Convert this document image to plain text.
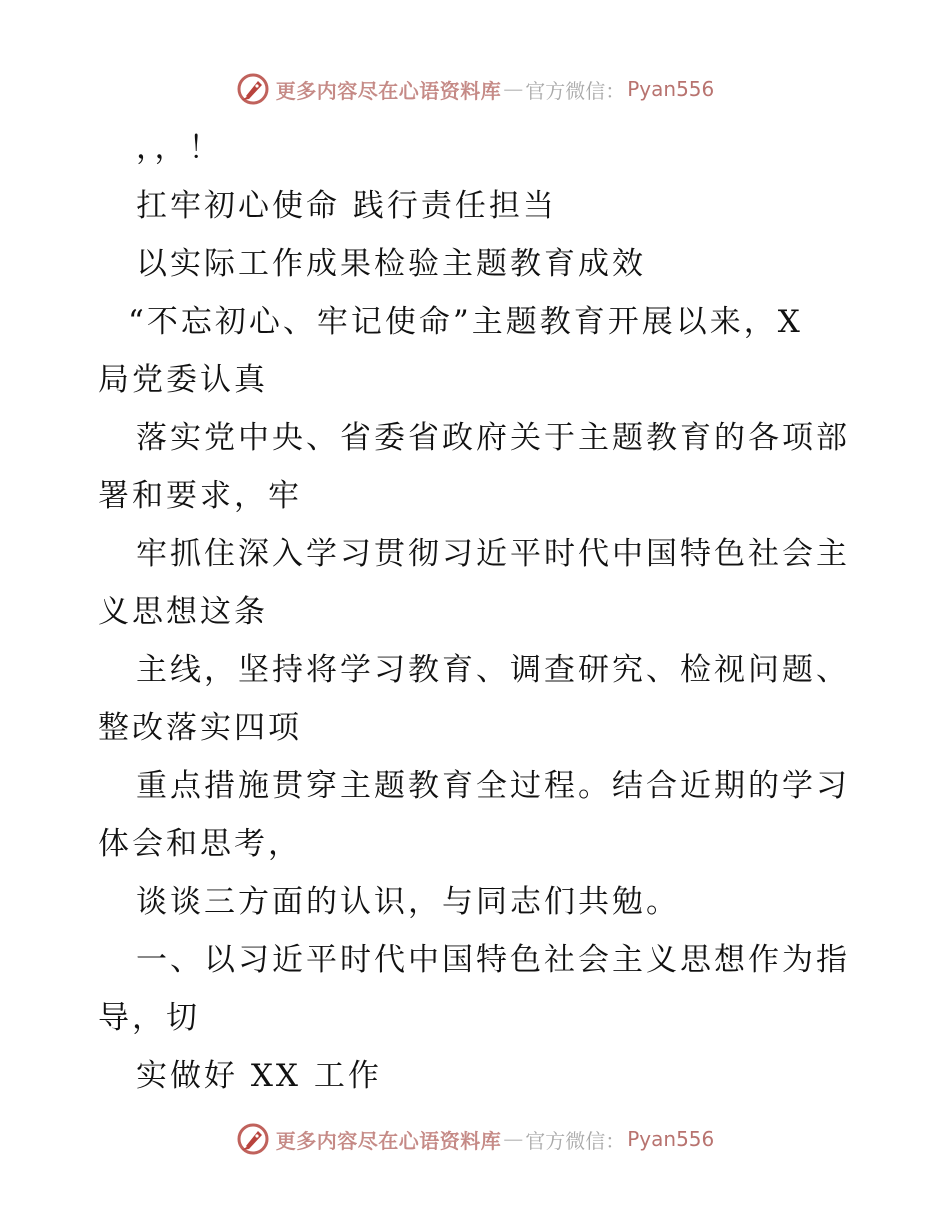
更多内容尽在心语资料库 — 官方微信： Pyan556
，，！
扛牢初心使命 践行责任担当
以实际工作成果检验主题教育成效
“不忘初心、牢记使命”主题教育开展以来，X
局党委认真
落实党中央、省委省政府关于主题教育的各项部
署和要求，牢
牢抓住深入学习贯彻习近平时代中国特色社会主
义思想这条
主线，坚持将学习教育、调查研究、检视问题、
整改落实四项
重点措施贯穿主题教育全过程。结合近期的学习
体会和思考，
谈谈三方面的认识，与同志们共勉。
一、以习近平时代中国特色社会主义思想作为指
导，切
实做好 XX 工作
更多内容尽在心语资料库 — 官方微信： Pyan556
